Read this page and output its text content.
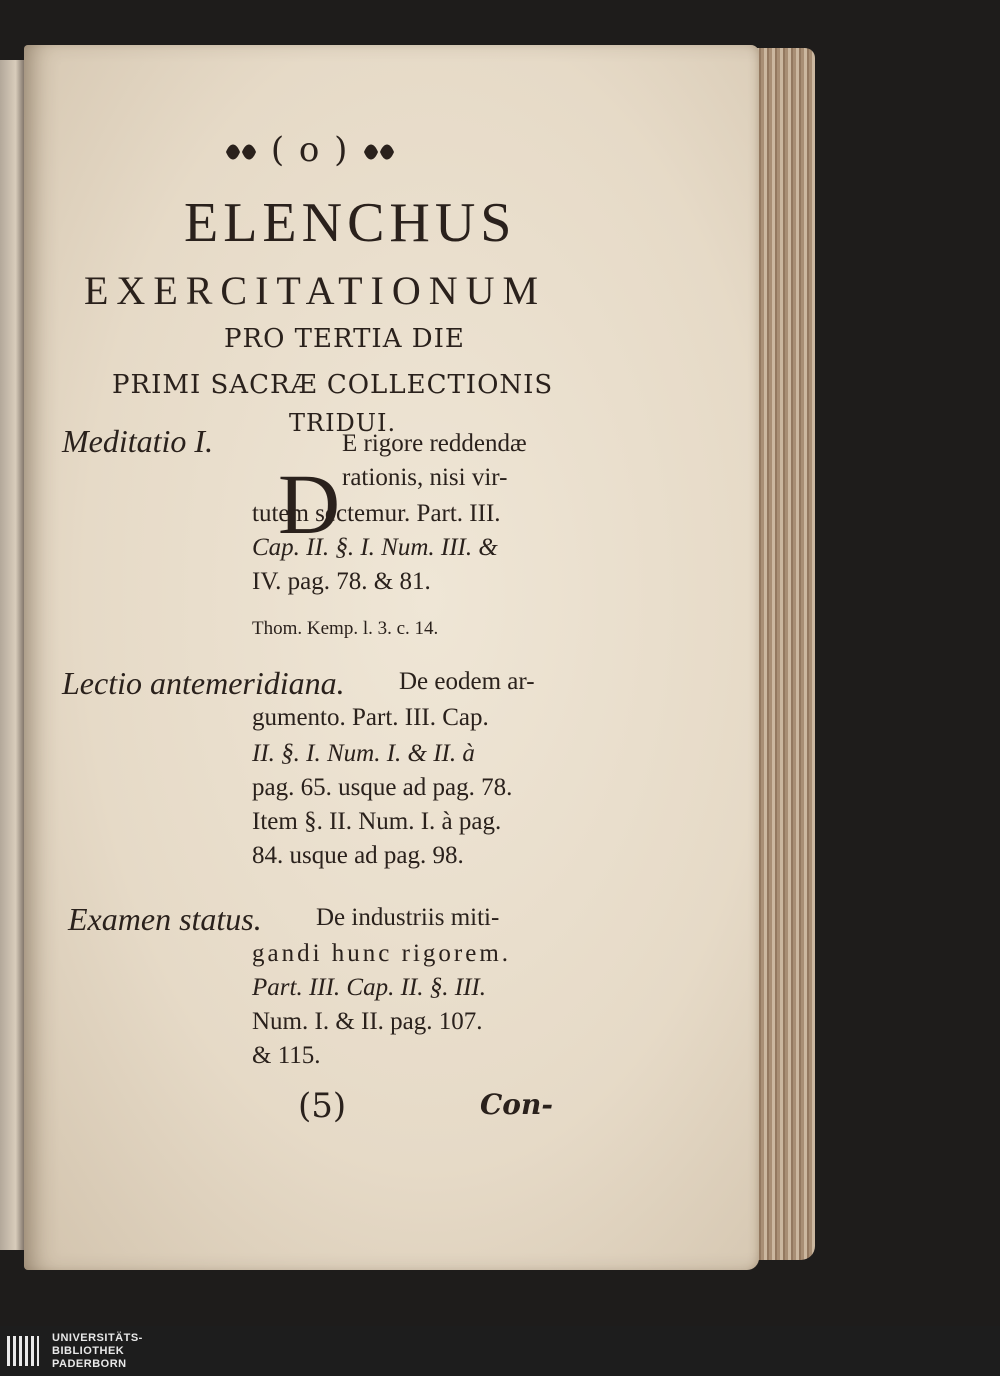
( o )
ELENCHUS
EXERCITATIONUM
PRO TERTIA DIE
PRIMI SACRÆ COLLECTIONIS
TRIDUI.
Meditatio I.
D
E rigore reddendæ
rationis, nisi vir-
tutem sectemur. Part. III.
Cap. II. §. I. Num. III. &
IV. pag. 78. & 81.
Thom. Kemp. l. 3. c. 14.
Lectio antemeridiana. De eodem ar-
gumento. Part. III. Cap.
II. §. I. Num. I. & II. à
pag. 65. usque ad pag. 78.
Item §. II. Num. I. à pag.
84. usque ad pag. 98.
Examen status. De industriis miti-
gandi hunc rigorem.
Part. III. Cap. II. §. III.
Num. I. & II. pag. 107.
& 115.
(5)	Con-
UNIVERSITÄTS-
BIBLIOTHEK
PADERBORN
